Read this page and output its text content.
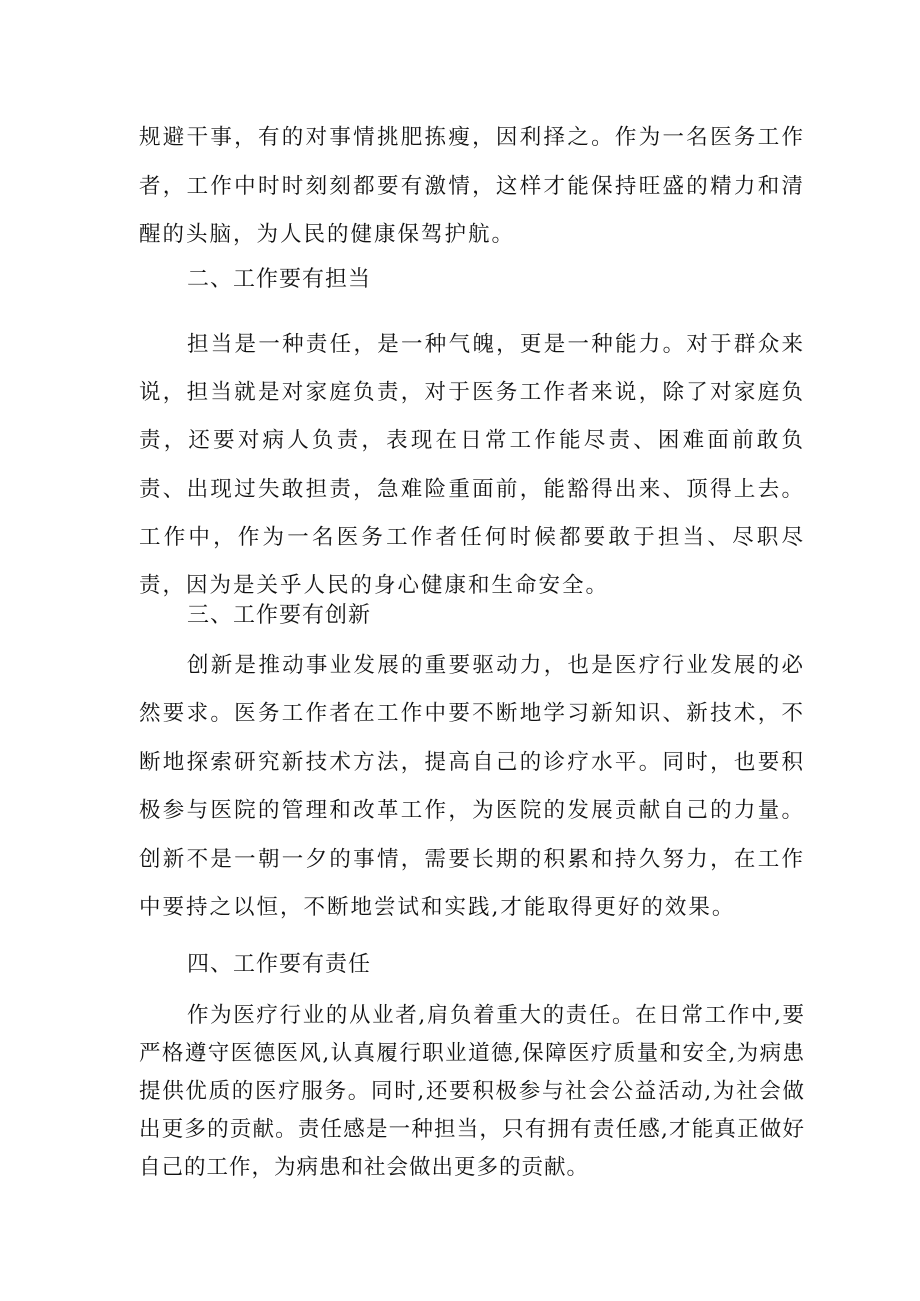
规避干事，有的对事情挑肥拣瘦，因利择之。作为一名医务工作者，工作中时时刻刻都要有激情，这样才能保持旺盛的精力和清醒的头脑，为人民的健康保驾护航。

二、工作要有担当

担当是一种责任，是一种气魄，更是一种能力。对于群众来说，担当就是对家庭负责，对于医务工作者来说，除了对家庭负责，还要对病人负责，表现在日常工作能尽责、困难面前敢负责、出现过失敢担责，急难险重面前，能豁得出来、顶得上去。工作中，作为一名医务工作者任何时候都要敢于担当、尽职尽责，因为是关乎人民的身心健康和生命安全。

三、工作要有创新

创新是推动事业发展的重要驱动力，也是医疗行业发展的必然要求。医务工作者在工作中要不断地学习新知识、新技术，不断地探索研究新技术方法，提高自己的诊疗水平。同时，也要积极参与医院的管理和改革工作，为医院的发展贡献自己的力量。创新不是一朝一夕的事情，需要长期的积累和持久努力，在工作中要持之以恒，不断地尝试和实践,才能取得更好的效果。

四、工作要有责任

作为医疗行业的从业者,肩负着重大的责任。在日常工作中,要严格遵守医德医风,认真履行职业道德,保障医疗质量和安全,为病患提供优质的医疗服务。同时,还要积极参与社会公益活动,为社会做出更多的贡献。责任感是一种担当，只有拥有责任感,才能真正做好自己的工作，为病患和社会做出更多的贡献。
